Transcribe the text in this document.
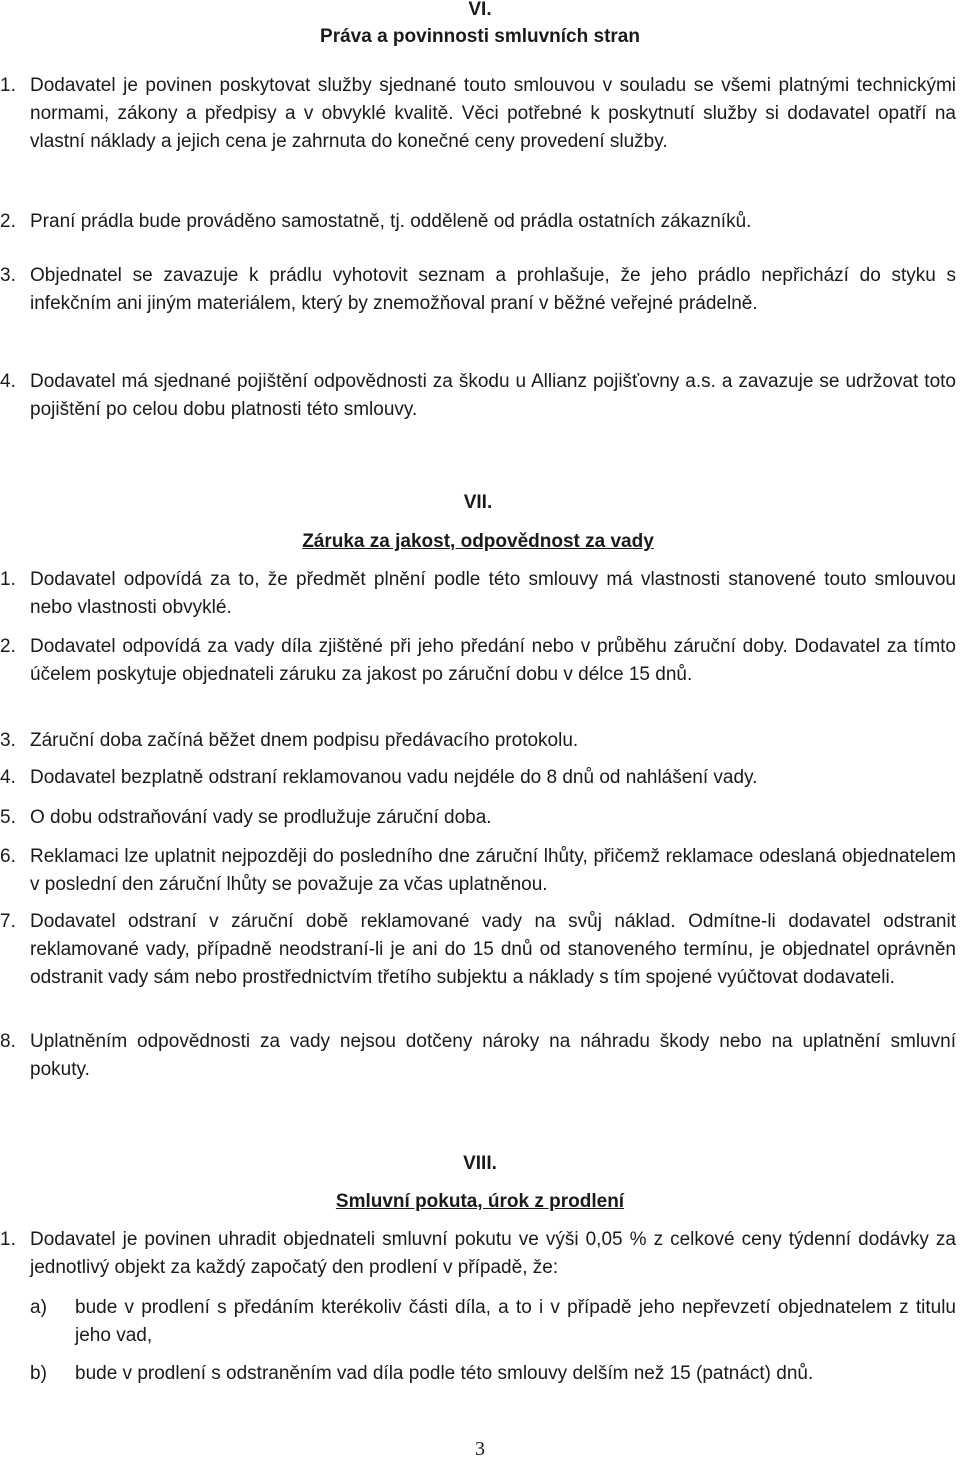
VI.
Práva a povinnosti smluvních stran
1. Dodavatel je povinen poskytovat služby sjednané touto smlouvou v souladu se všemi platnými technickými normami, zákony a předpisy a v obvyklé kvalitě. Věci potřebné k poskytnutí služby si dodavatel opatří na vlastní náklady a jejich cena je zahrnuta do konečné ceny provedení služby.
2. Praní prádla bude prováděno samostatně, tj. odděleně od prádla ostatních zákazníků.
3. Objednatel se zavazuje k prádlu vyhotovit seznam a prohlašuje, že jeho prádlo nepřichází do styku s infekčním ani jiným materiálem, který by znemožňoval praní v běžné veřejné prádelně.
4. Dodavatel má sjednané pojištění odpovědnosti za škodu u Allianz pojišťovny a.s. a zavazuje se udržovat toto pojištění po celou dobu platnosti této smlouvy.
VII.
Záruka za jakost, odpovědnost za vady
1. Dodavatel odpovídá za to, že předmět plnění podle této smlouvy má vlastnosti stanovené touto smlouvou nebo vlastnosti obvyklé.
2. Dodavatel odpovídá za vady díla zjištěné při jeho předání nebo v průběhu záruční doby. Dodavatel za tímto účelem poskytuje objednateli záruku za jakost po záruční dobu v délce 15 dnů.
3. Záruční doba začíná běžet dnem podpisu předávacího protokolu.
4. Dodavatel bezplatně odstraní reklamovanou vadu nejdéle do 8 dnů od nahlášení vady.
5. O dobu odstraňování vady se prodlužuje záruční doba.
6. Reklamaci lze uplatnit nejpozději do posledního dne záruční lhůty, přičemž reklamace odeslaná objednatelem v poslední den záruční lhůty se považuje za včas uplatněnou.
7. Dodavatel odstraní v záruční době reklamované vady na svůj náklad. Odmítne-li dodavatel odstranit reklamované vady, případně neodstraní-li je ani do 15 dnů od stanoveného termínu, je objednatel oprávněn odstranit vady sám nebo prostřednictvím třetího subjektu a náklady s tím spojené vyúčtovat dodavateli.
8. Uplatněním odpovědnosti za vady nejsou dotčeny nároky na náhradu škody nebo na uplatnění smluvní pokuty.
VIII.
Smluvní pokuta, úrok z prodlení
1. Dodavatel je povinen uhradit objednateli smluvní pokutu ve výši 0,05 % z celkové ceny týdenní dodávky za jednotlivý objekt za každý započatý den prodlení v případě, že:
a)	bude v prodlení s předáním kterékoliv části díla, a to i v případě jeho nepřevzetí objednatelem z titulu jeho vad,
b)	bude v prodlení s odstraněním vad díla podle této smlouvy delším než 15 (patnáct) dnů.
3
